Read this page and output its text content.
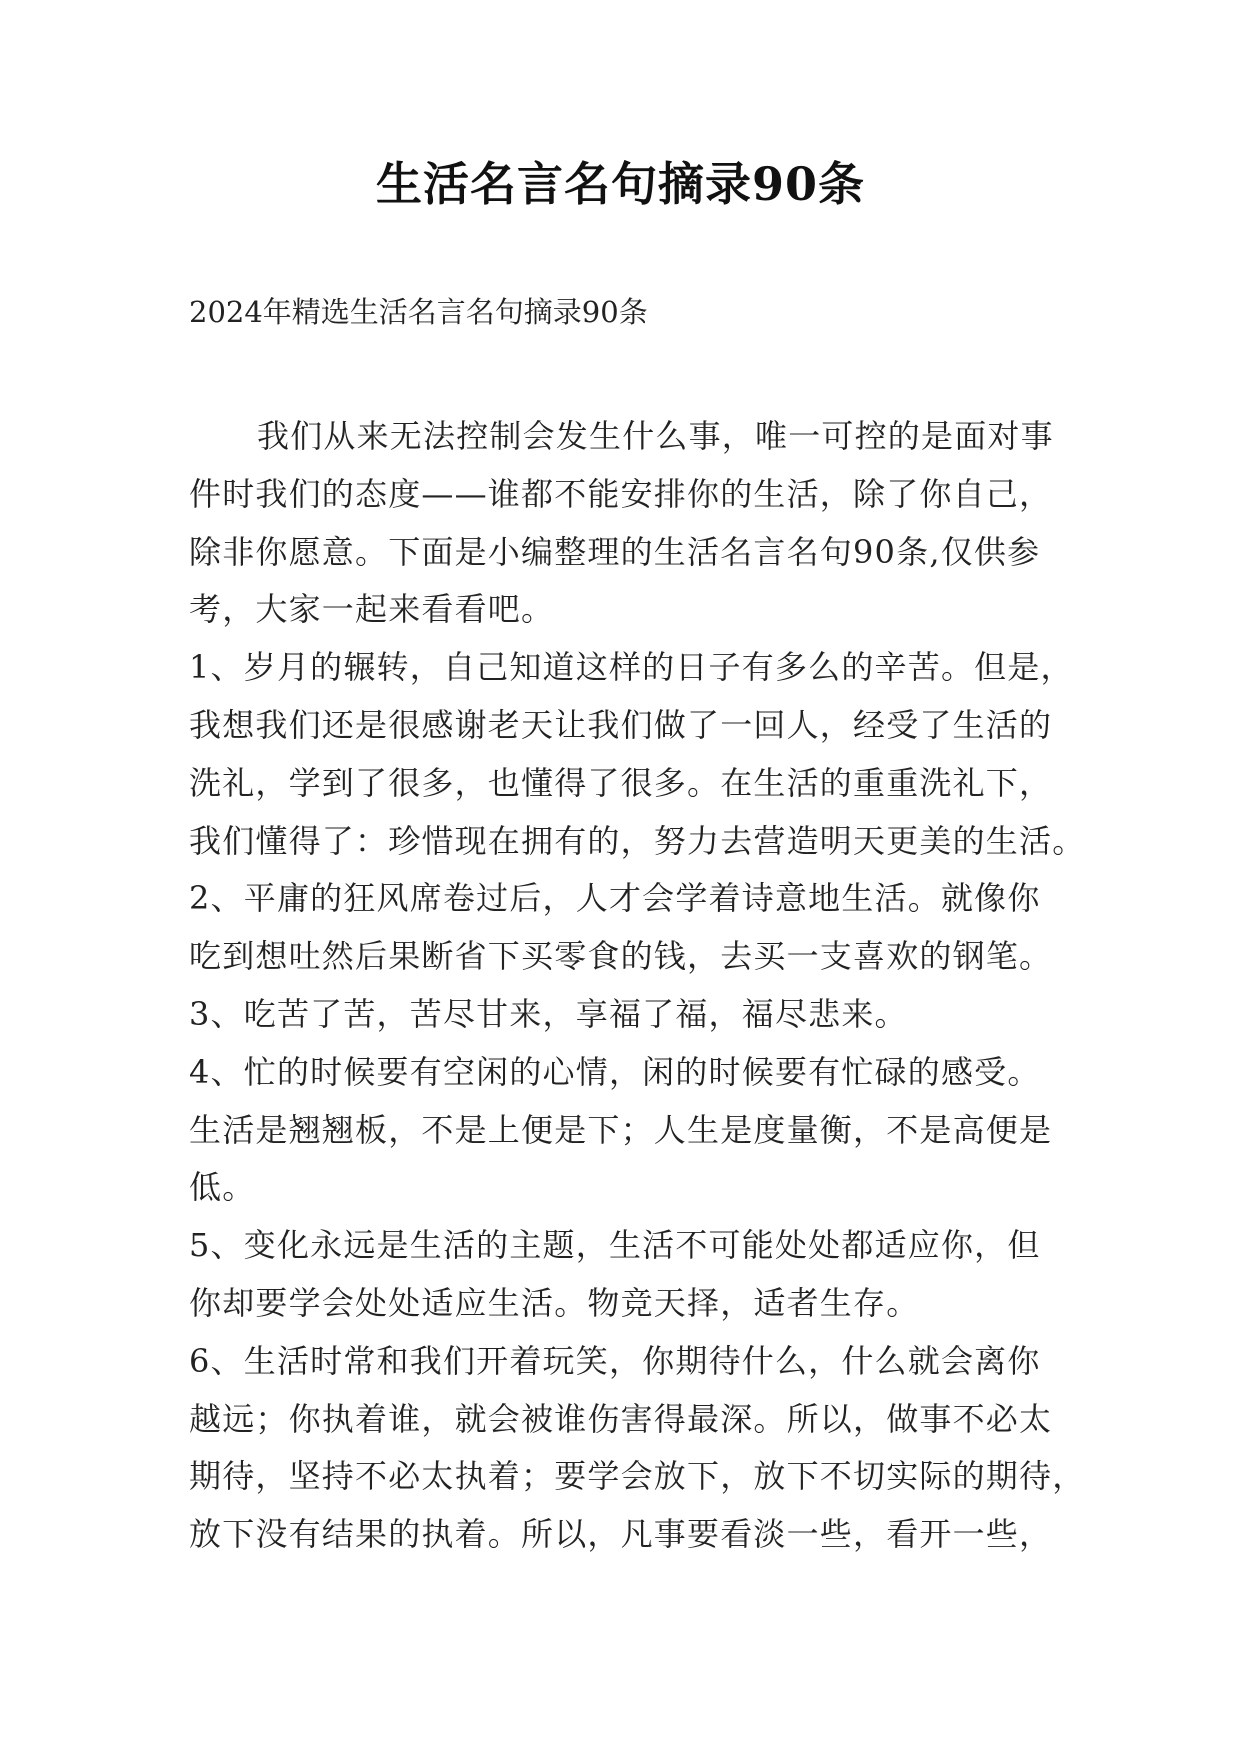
生活名言名句摘录90条
2024年精选生活名言名句摘录90条
我们从来无法控制会发生什么事，唯一可控的是面对事
件时我们的态度——谁都不能安排你的生活，除了你自己，
除非你愿意。下面是小编整理的生活名言名句90条,仅供参
考，大家一起来看看吧。
1、岁月的辗转，自己知道这样的日子有多么的辛苦。但是，
我想我们还是很感谢老天让我们做了一回人，经受了生活的
洗礼，学到了很多，也懂得了很多。在生活的重重洗礼下，
我们懂得了：珍惜现在拥有的，努力去营造明天更美的生活。
2、平庸的狂风席卷过后，人才会学着诗意地生活。就像你
吃到想吐然后果断省下买零食的钱，去买一支喜欢的钢笔。
3、吃苦了苦，苦尽甘来，享福了福，福尽悲来。
4、忙的时候要有空闲的心情，闲的时候要有忙碌的感受。
生活是翘翘板，不是上便是下；人生是度量衡，不是高便是
低。
5、变化永远是生活的主题，生活不可能处处都适应你，但
你却要学会处处适应生活。物竞天择，适者生存。
6、生活时常和我们开着玩笑，你期待什么，什么就会离你
越远；你执着谁，就会被谁伤害得最深。所以，做事不必太
期待，坚持不必太执着；要学会放下，放下不切实际的期待，
放下没有结果的执着。所以，凡事要看淡一些，看开一些，
